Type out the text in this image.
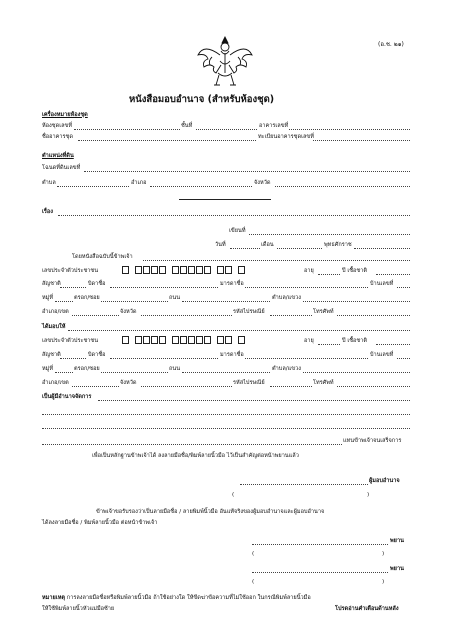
(อ.ช. ๒๑)
หนังสือมอบอำนาจ (สำหรับห้องชุด)
เครื่องหมายห้องชุด
ห้องชุดเลขที่	ชั้นที่	อาคารเลขที่
ชื่ออาคารชุด	ทะเบียนอาคารชุดเลขที่
ตำแหน่งที่ดิน
โฉนดที่ดินเลขที่
ตำบล	อำเภอ	จังหวัด
เรื่อง
เขียนที่
วันที่	เดือน	พุทธศักราช
โดยหนังสือฉบับนี้ข้าพเจ้า
เลขประจำตัวประชาชน	อายุ	ปี เชื้อชาติ
สัญชาติ	บิดาชื่อ	มารดาชื่อ	บ้านเลขที่
หมู่ที่	ตรอก/ซอย	ถนน	ตำบล/แขวง
อำเภอ/เขต	จังหวัด	รหัสไปรษณีย์	โทรศัพท์
ได้มอบให้
เลขประจำตัวประชาชน	อายุ	ปี เชื้อชาติ
สัญชาติ	บิดาชื่อ	มารดาชื่อ	บ้านเลขที่
หมู่ที่	ตรอก/ซอย	ถนน	ตำบล/แขวง
อำเภอ/เขต	จังหวัด	รหัสไปรษณีย์	โทรศัพท์
เป็นผู้มีอำนาจจัดการ
แทนข้าพเจ้าจนเสร็จการ
เพื่อเป็นหลักฐานข้าพเจ้าได้ ลงลายมือชื่อ/พิมพ์ลายนิ้วมือ ไว้เป็นสำคัญต่อหน้าพยานแล้ว
ผู้มอบอำนาจ
(	)
ข้าพเจ้าขอรับรองว่าเป็นลายมือชื่อ / ลายพิมพ์นิ้วมือ อันแท้จริงของผู้มอบอำนาจและผู้มอบอำนาจ
ได้ลงลายมือชื่อ / พิมพ์ลายนิ้วมือ ต่อหน้าข้าพเจ้า
พยาน
(	)
พยาน
(	)
หมายเหตุ การลงลายมือชื่อหรือพิมพ์ลายนิ้วมือ ถ้าใช้อย่างใด ให้ขีดฆ่าข้อความที่ไม่ใช้ออก ในกรณีพิมพ์ลายนิ้วมือ
ให้ใช้พิมพ์ลายนิ้วหัวแม่มือซ้าย	โปรดอ่านคำเตือนด้านหลัง
